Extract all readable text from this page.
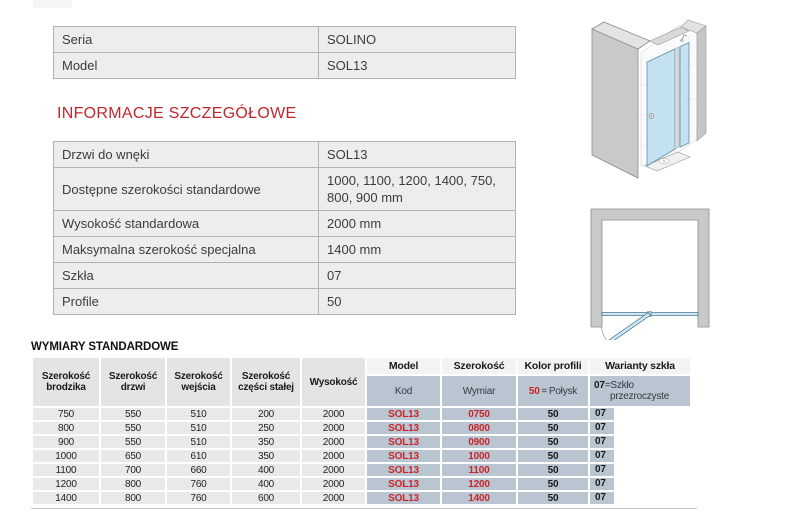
Seria	SOLINO
Model	SOL13
INFORMACJE SZCZEGÓŁOWE
Drzwi do wnęki	SOL13
Dostępne szerokości standardowe	1000, 1100, 1200, 1400, 750, 800, 900 mm
Wysokość standardowa	2000 mm
Maksymalna szerokość specjalna	1400 mm
Szkła	07
Profile	50
WYMIARY STANDARDOWE
Szerokość brodzika	Szerokość drzwi	Szerokość wejścia	Szerokość części stałej	Wysokość	Model	Szerokość	Kolor profili	Warianty szkła
					Kod	Wymiar	50 = Połysk	07=Szkło przezroczyste

750	550	510	200	2000	SOL13	0750	50	07

800	550	510	250	2000	SOL13	0800	50	07

900	550	510	350	2000	SOL13	0900	50	07

1000	650	610	350	2000	SOL13	1000	50	07

1100	700	660	400	2000	SOL13	1100	50	07

1200	800	760	400	2000	SOL13	1200	50	07

1400	800	760	600	2000	SOL13	1400	50	07
